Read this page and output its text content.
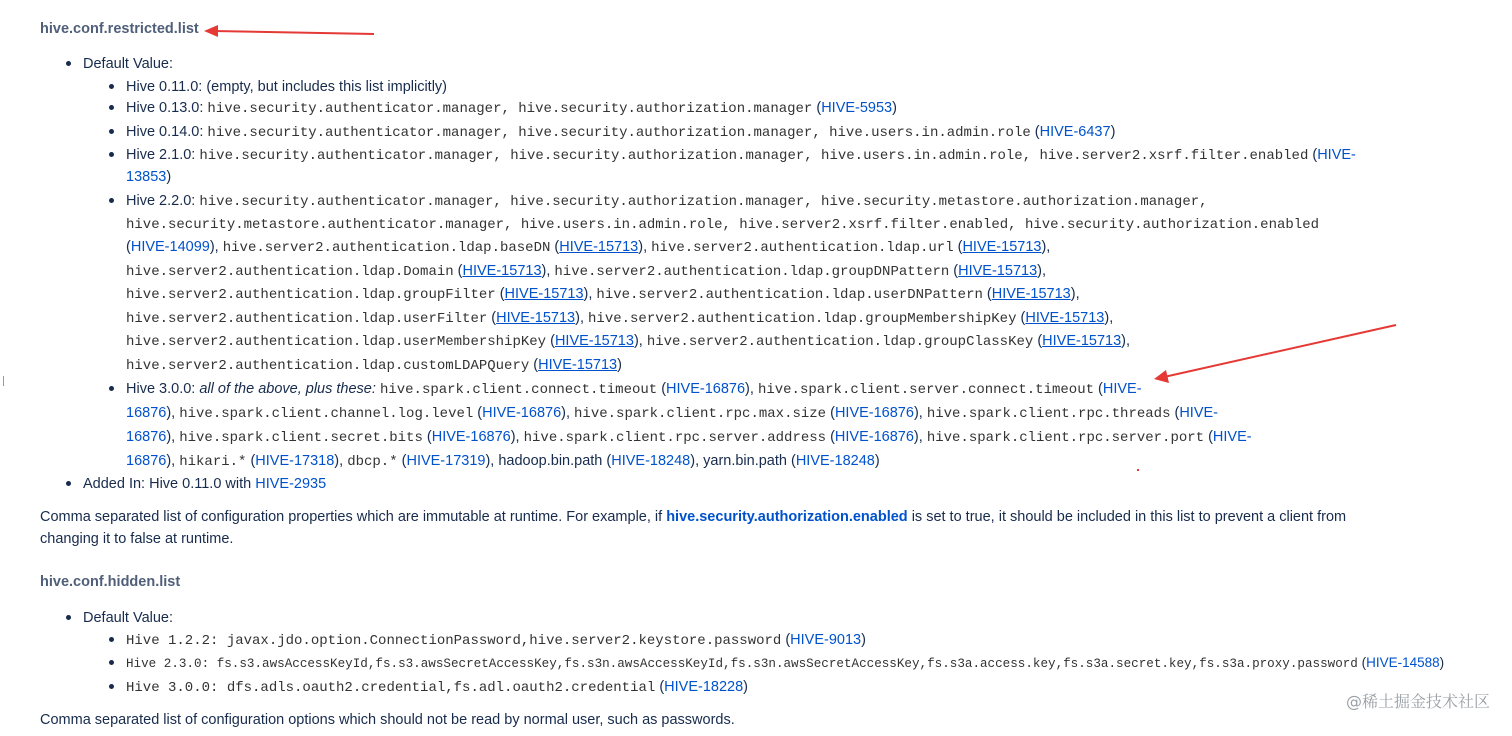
hive.conf.restricted.list
Default Value:
Hive 0.11.0: (empty, but includes this list implicitly)
Hive 0.13.0: hive.security.authenticator.manager, hive.security.authorization.manager (HIVE-5953)
Hive 0.14.0: hive.security.authenticator.manager, hive.security.authorization.manager, hive.users.in.admin.role (HIVE-6437)
Hive 2.1.0: hive.security.authenticator.manager, hive.security.authorization.manager, hive.users.in.admin.role, hive.server2.xsrf.filter.enabled (HIVE-
13853)
Hive 2.2.0: hive.security.authenticator.manager, hive.security.authorization.manager, hive.security.metastore.authorization.manager,
hive.security.metastore.authenticator.manager, hive.users.in.admin.role, hive.server2.xsrf.filter.enabled, hive.security.authorization.enabled
(HIVE-14099), hive.server2.authentication.ldap.baseDN (HIVE-15713), hive.server2.authentication.ldap.url (HIVE-15713),
hive.server2.authentication.ldap.Domain (HIVE-15713), hive.server2.authentication.ldap.groupDNPattern (HIVE-15713),
hive.server2.authentication.ldap.groupFilter (HIVE-15713), hive.server2.authentication.ldap.userDNPattern (HIVE-15713),
hive.server2.authentication.ldap.userFilter (HIVE-15713), hive.server2.authentication.ldap.groupMembershipKey (HIVE-15713),
hive.server2.authentication.ldap.userMembershipKey (HIVE-15713), hive.server2.authentication.ldap.groupClassKey (HIVE-15713),
hive.server2.authentication.ldap.customLDAPQuery (HIVE-15713)
Hive 3.0.0: all of the above, plus these: hive.spark.client.connect.timeout (HIVE-16876), hive.spark.client.server.connect.timeout (HIVE-
16876), hive.spark.client.channel.log.level (HIVE-16876), hive.spark.client.rpc.max.size (HIVE-16876), hive.spark.client.rpc.threads (HIVE-
16876), hive.spark.client.secret.bits (HIVE-16876), hive.spark.client.rpc.server.address (HIVE-16876), hive.spark.client.rpc.server.port (HIVE-
16876), hikari.* (HIVE-17318), dbcp.* (HIVE-17319), hadoop.bin.path (HIVE-18248), yarn.bin.path (HIVE-18248)
Added In: Hive 0.11.0 with HIVE-2935
Comma separated list of configuration properties which are immutable at runtime. For example, if hive.security.authorization.enabled is set to true, it should be included in this list to prevent a client from
changing it to false at runtime.
hive.conf.hidden.list
Default Value:
Hive 1.2.2: javax.jdo.option.ConnectionPassword,hive.server2.keystore.password (HIVE-9013)
Hive 2.3.0: fs.s3.awsAccessKeyId,fs.s3.awsSecretAccessKey,fs.s3n.awsAccessKeyId,fs.s3n.awsSecretAccessKey,fs.s3a.access.key,fs.s3a.secret.key,fs.s3a.proxy.password (HIVE-14588)
Hive 3.0.0: dfs.adls.oauth2.credential,fs.adl.oauth2.credential (HIVE-18228)
Comma separated list of configuration options which should not be read by normal user, such as passwords.
@稀土掘金技术社区
